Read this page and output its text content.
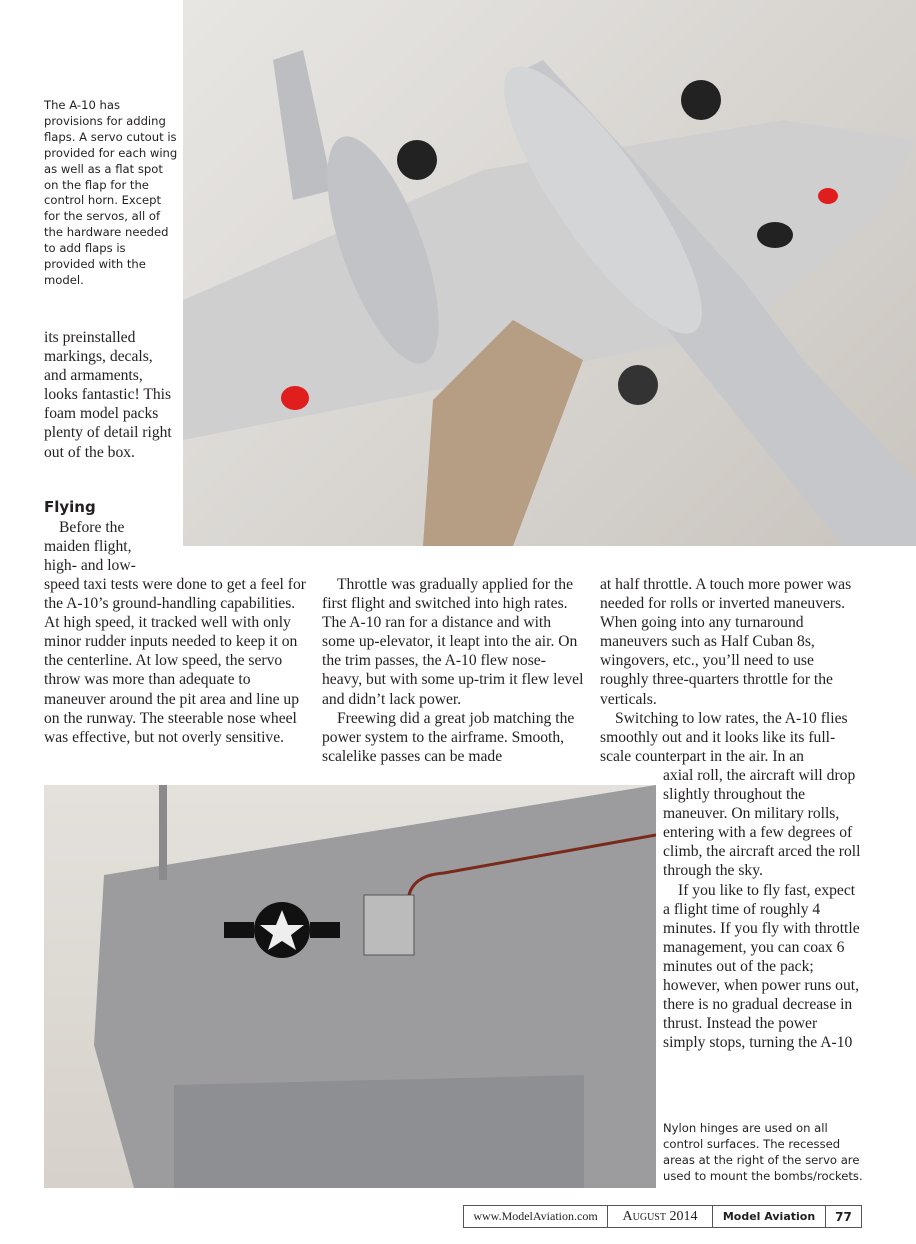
The A-10 has provisions for adding flaps. A servo cutout is provided for each wing as well as a flat spot on the flap for the control horn. Except for the servos, all of the hardware needed to add flaps is provided with the model.

its preinstalled markings, decals, and armaments, looks fantastic! This foam model packs plenty of detail right out of the box.

Flying

Before the maiden flight, high- and low-

speed taxi tests were done to get a feel for the A-10’s ground-handling capabilities. At high speed, it tracked well with only minor rudder inputs needed to keep it on the centerline. At low speed, the servo throw was more than adequate to maneuver around the pit area and line up on the runway. The steerable nose wheel was effective, but not overly sensitive.

Throttle was gradually applied for the first flight and switched into high rates. The A-10 ran for a distance and with some up-elevator, it leapt into the air. On the trim passes, the A-10 flew nose-heavy, but with some up-trim it flew level and didn’t lack power.

Freewing did a great job matching the power system to the airframe. Smooth, scalelike passes can be made

at half throttle. A touch more power was needed for rolls or inverted maneuvers. When going into any turnaround maneuvers such as Half Cuban 8s, wingovers, etc., you’ll need to use roughly three-quarters throttle for the verticals.

Switching to low rates, the A-10 flies smoothly out and it looks like its full-scale counterpart in the air. In an

axial roll, the aircraft will drop slightly throughout the maneuver. On military rolls, entering with a few degrees of climb, the aircraft arced the roll through the sky.

If you like to fly fast, expect a flight time of roughly 4 minutes. If you fly with throttle management, you can coax 6 minutes out of the pack; however, when power runs out, there is no gradual decrease in thrust. Instead the power simply stops, turning the A-10

Nylon hinges are used on all control surfaces. The recessed areas at the right of the servo are used to mount the bombs/rockets.
www.ModelAviation.com	August 2014	Model Aviation	77
